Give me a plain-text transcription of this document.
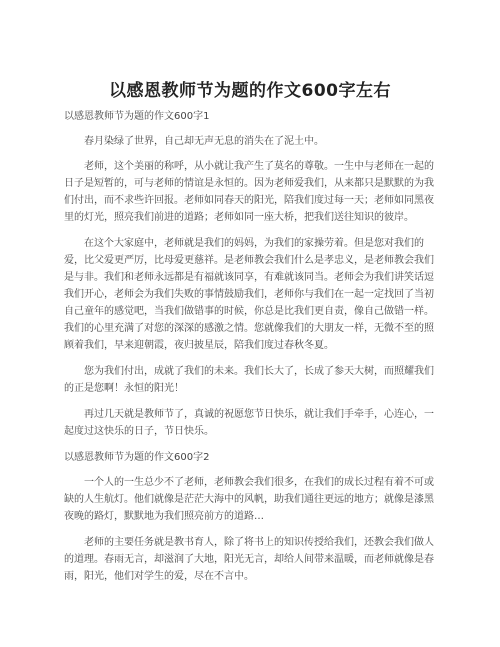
以感恩教师节为题的作文600字左右

以感恩教师节为题的作文600字1

春月染绿了世界，自己却无声无息的消失在了泥土中。

老师，这个美丽的称呼，从小就让我产生了莫名的尊敬。一生中与老师在一起的日子是短暂的，可与老师的情谊是永恒的。因为老师爱我们，从来都只是默默的为我们付出，而不求些许回报。老师如同春天的阳光，陪我们度过每一天；老师如同黑夜里的灯光，照亮我们前进的道路；老师如同一座大桥，把我们送往知识的彼岸。

在这个大家庭中，老师就是我们的妈妈，为我们的家操劳着。但是您对我们的爱，比父爱更严厉，比母爱更慈祥。是老师教会我们什么是孝忠义，是老师教会我们是与非。我们和老师永远都是有福就该同享，有难就该同当。老师会为我们讲笑话逗我们开心，老师会为我们失败的事情鼓励我们，老师你与我们在一起一定找回了当初自己童年的感觉吧，当我们做错事的时候，你总是比我们更自责，像自己做错一样。我们的心里充满了对您的深深的感激之情。您就像我们的大朋友一样，无微不至的照顾着我们，早来迎朝霞，夜归披星辰，陪我们度过春秋冬夏。

您为我们付出，成就了我们的未来。我们长大了，长成了参天大树，而照耀我们的正是您啊！永恒的阳光！

再过几天就是教师节了，真诚的祝愿您节日快乐，就让我们手牵手，心连心，一起度过这快乐的日子，节日快乐。

以感恩教师节为题的作文600字2

一个人的一生总少不了老师，老师教会我们很多，在我们的成长过程有着不可或缺的人生航灯。他们就像是茫茫大海中的风帆，助我们通往更远的地方；就像是漆黑夜晚的路灯，默默地为我们照亮前方的道路…

老师的主要任务就是教书育人，除了将书上的知识传授给我们，还教会我们做人的道理。春雨无言，却滋润了大地，阳光无言，却给人间带来温暖，而老师就像是春雨，阳光，他们对学生的爱，尽在不言中。
